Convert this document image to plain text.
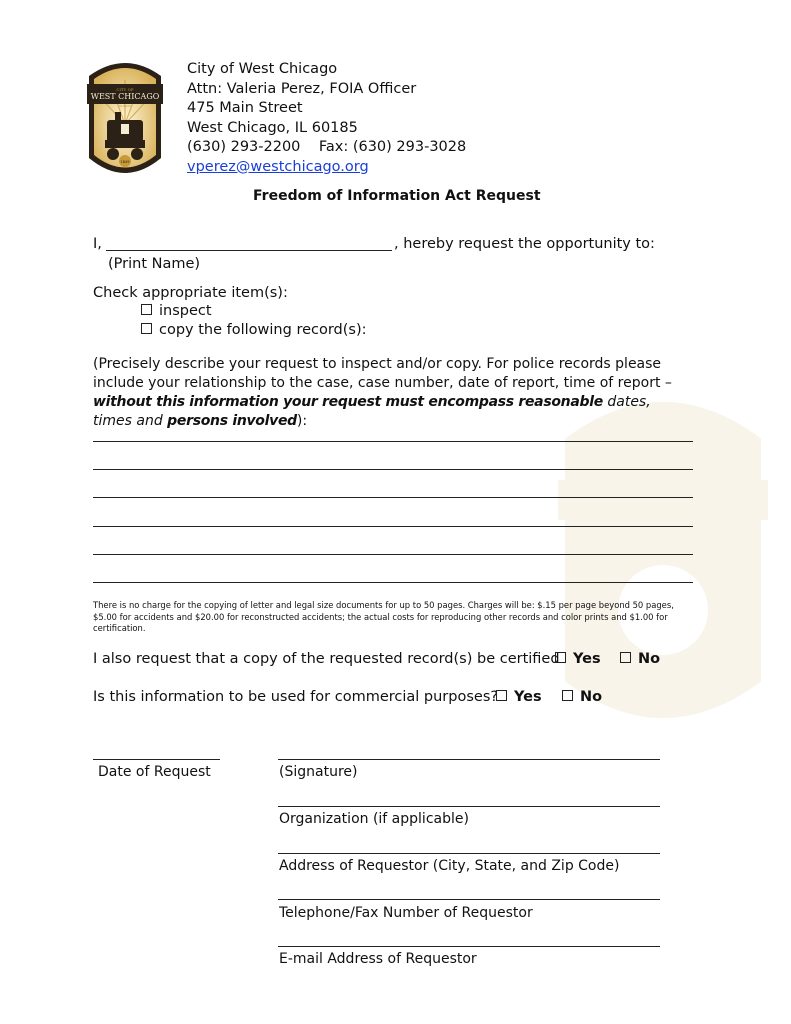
CITY OF
WEST CHICAGO
1849
ILLINOIS
City of West Chicago
Attn: Valeria Perez, FOIA Officer
475 Main Street
West Chicago, IL 60185
(630) 293-2200 Fax: (630) 293-3028
vperez@westchicago.org
Freedom of Information Act Request
I,	, hereby request the opportunity to:
(Print Name)
Check appropriate item(s):
inspect
copy the following record(s):
(Precisely describe your request to inspect and/or copy. For police records please include your relationship to the case, case number, date of report, time of report – without this information your request must encompass reasonable dates, times and persons involved):
There is no charge for the copying of letter and legal size documents for up to 50 pages. Charges will be: $.15 per page beyond 50 pages, $5.00 for accidents and $20.00 for reconstructed accidents; the actual costs for reproducing other records and color prints and $1.00 for certification.
I also request that a copy of the requested record(s) be certified Yes	No
Is this information to be used for commercial purposes?	Yes	No
Date of Request	(Signature)
Organization (if applicable)
Address of Requestor (City, State, and Zip Code)
Telephone/Fax Number of Requestor
E-mail Address of Requestor
